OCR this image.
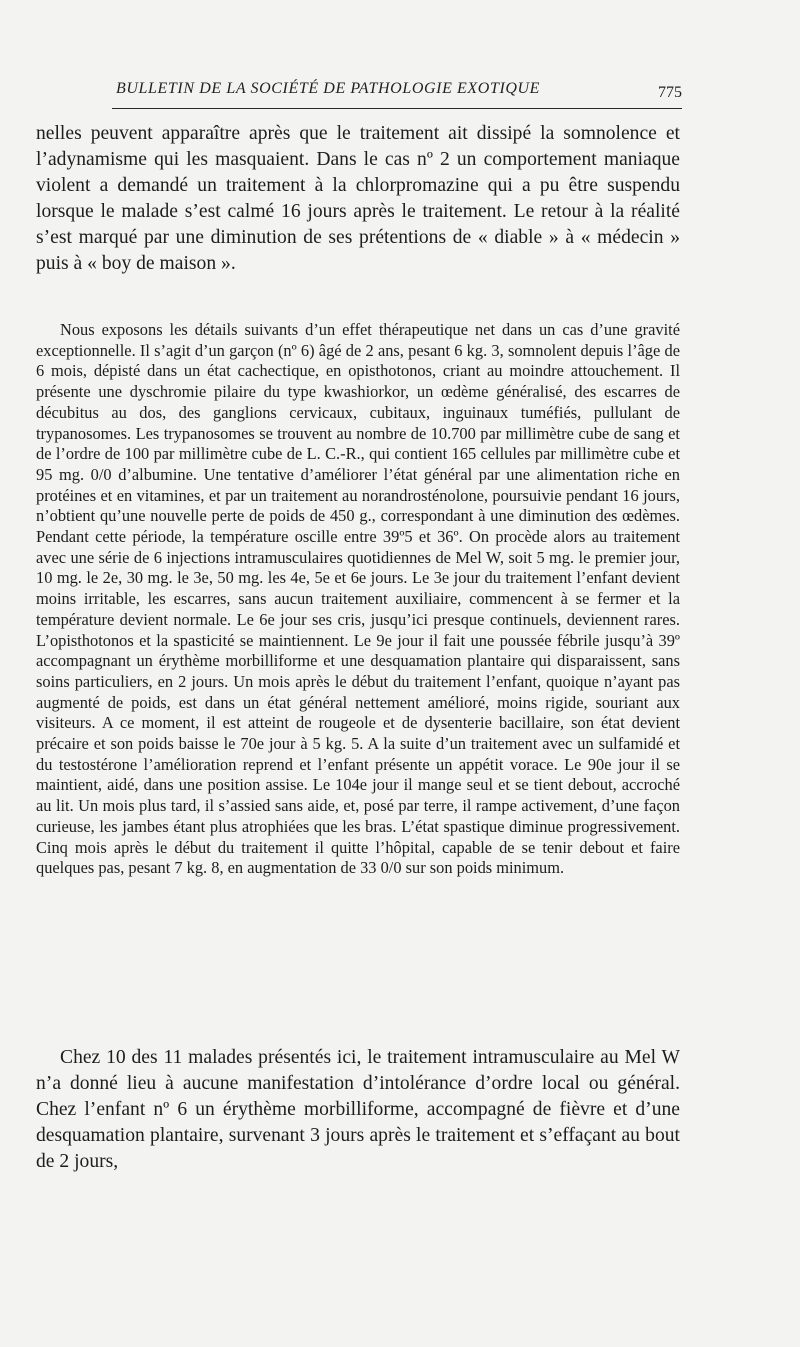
BULLETIN DE LA SOCIÉTÉ DE PATHOLOGIE EXOTIQUE	775

nelles peuvent apparaître après que le traitement ait dissipé la somnolence et l’adynamisme qui les masquaient. Dans le cas nº 2 un comportement maniaque violent a demandé un traitement à la chlorpromazine qui a pu être suspendu lorsque le malade s’est calmé 16 jours après le traitement. Le retour à la réalité s’est marqué par une diminution de ses prétentions de « diable » à « médecin » puis à « boy de maison ».

Nous exposons les détails suivants d’un effet thérapeutique net dans un cas d’une gravité exceptionnelle. Il s’agit d’un garçon (nº 6) âgé de 2 ans, pesant 6 kg. 3, somnolent depuis l’âge de 6 mois, dépisté dans un état cachectique, en opisthotonos, criant au moindre attouchement. Il présente une dyschromie pilaire du type kwashiorkor, un œdème généralisé, des escarres de décubitus au dos, des ganglions cervicaux, cubitaux, inguinaux tuméfiés, pullulant de trypanosomes. Les trypanosomes se trouvent au nombre de 10.700 par millimètre cube de sang et de l’ordre de 100 par millimètre cube de L. C.-R., qui contient 165 cellules par millimètre cube et 95 mg. 0/0 d’albumine. Une tentative d’améliorer l’état général par une alimentation riche en protéines et en vitamines, et par un traitement au norandrosténolone, poursuivie pendant 16 jours, n’obtient qu’une nouvelle perte de poids de 450 g., correspondant à une diminution des œdèmes. Pendant cette période, la température oscille entre 39º5 et 36º. On procède alors au traitement avec une série de 6 injections intramusculaires quotidiennes de Mel W, soit 5 mg. le premier jour, 10 mg. le 2e, 30 mg. le 3e, 50 mg. les 4e, 5e et 6e jours. Le 3e jour du traitement l’enfant devient moins irritable, les escarres, sans aucun traitement auxiliaire, commencent à se fermer et la température devient normale. Le 6e jour ses cris, jusqu’ici presque continuels, deviennent rares. L’opisthotonos et la spasticité se maintiennent. Le 9e jour il fait une poussée fébrile jusqu’à 39º accompagnant un érythème morbilliforme et une desquamation plantaire qui disparaissent, sans soins particuliers, en 2 jours. Un mois après le début du traitement l’enfant, quoique n’ayant pas augmenté de poids, est dans un état général nettement amélioré, moins rigide, souriant aux visiteurs. A ce moment, il est atteint de rougeole et de dysenterie bacillaire, son état devient précaire et son poids baisse le 70e jour à 5 kg. 5. A la suite d’un traitement avec un sulfamidé et du testostérone l’amélioration reprend et l’enfant présente un appétit vorace. Le 90e jour il se maintient, aidé, dans une position assise. Le 104e jour il mange seul et se tient debout, accroché au lit. Un mois plus tard, il s’assied sans aide, et, posé par terre, il rampe activement, d’une façon curieuse, les jambes étant plus atrophiées que les bras. L’état spastique diminue progressivement. Cinq mois après le début du traitement il quitte l’hôpital, capable de se tenir debout et faire quelques pas, pesant 7 kg. 8, en augmentation de 33 0/0 sur son poids minimum.

Chez 10 des 11 malades présentés ici, le traitement intramusculaire au Mel W n’a donné lieu à aucune manifestation d’intolérance d’ordre local ou général. Chez l’enfant nº 6 un érythème morbilliforme, accompagné de fièvre et d’une desquamation plantaire, survenant 3 jours après le traitement et s’effaçant au bout de 2 jours,
